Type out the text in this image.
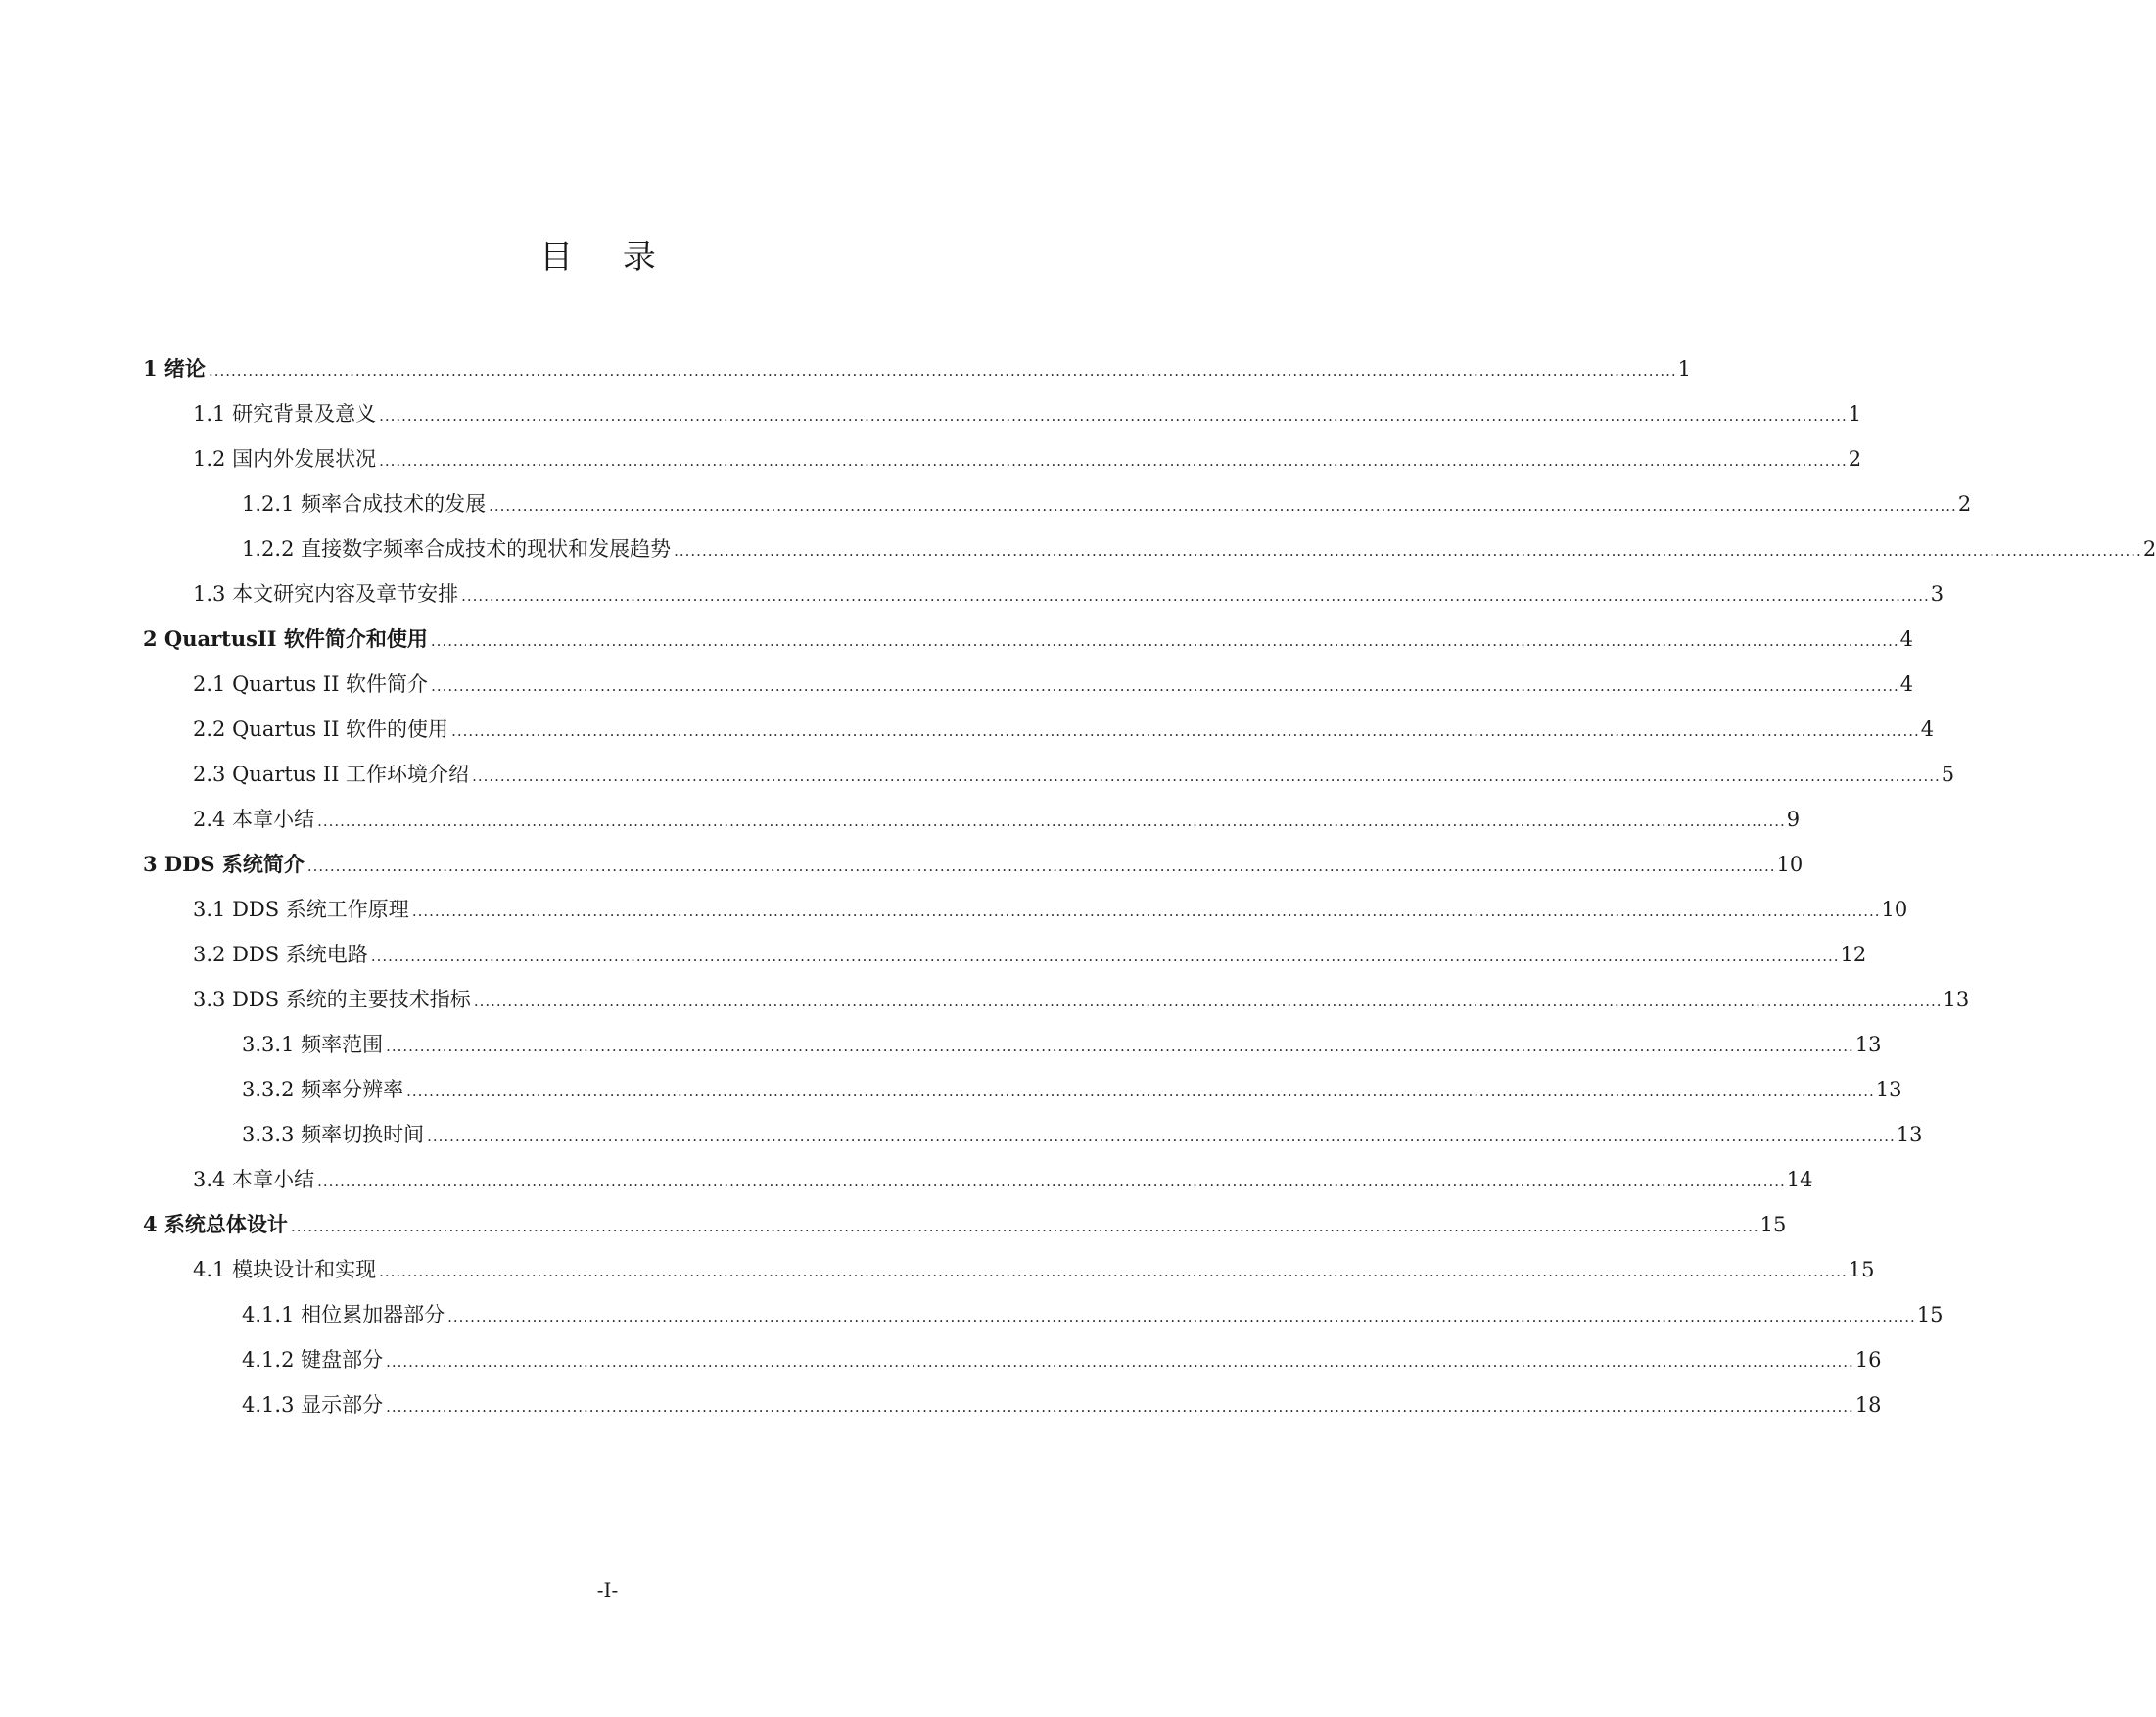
目 录
1 绪论 .................................................................................................................................................................................................................................................................... 1
1.1 研究背景及意义 .................................................................................................................................................................................................................................................................... 1
1.2 国内外发展状况 .................................................................................................................................................................................................................................................................... 2
1.2.1 频率合成技术的发展 .................................................................................................................................................................................................................................................................... 2
1.2.2 直接数字频率合成技术的现状和发展趋势 .................................................................................................................................................................................................................................................................... 2
1.3 本文研究内容及章节安排 .................................................................................................................................................................................................................................................................... 3
2 QuartusII 软件简介和使用 .................................................................................................................................................................................................................................................................... 4
2.1 Quartus II 软件简介 .................................................................................................................................................................................................................................................................... 4
2.2 Quartus II 软件的使用 .................................................................................................................................................................................................................................................................... 4
2.3 Quartus II 工作环境介绍 .................................................................................................................................................................................................................................................................... 5
2.4 本章小结 .................................................................................................................................................................................................................................................................... 9
3 DDS 系统简介 .................................................................................................................................................................................................................................................................... 10
3.1 DDS 系统工作原理 .................................................................................................................................................................................................................................................................... 10
3.2 DDS 系统电路 .................................................................................................................................................................................................................................................................... 12
3.3 DDS 系统的主要技术指标 .................................................................................................................................................................................................................................................................... 13
3.3.1 频率范围 .................................................................................................................................................................................................................................................................... 13
3.3.2 频率分辨率 .................................................................................................................................................................................................................................................................... 13
3.3.3 频率切换时间 .................................................................................................................................................................................................................................................................... 13
3.4 本章小结 .................................................................................................................................................................................................................................................................... 14
4 系统总体设计 .................................................................................................................................................................................................................................................................... 15
4.1 模块设计和实现 .................................................................................................................................................................................................................................................................... 15
4.1.1 相位累加器部分 .................................................................................................................................................................................................................................................................... 15
4.1.2 键盘部分 .................................................................................................................................................................................................................................................................... 16
4.1.3 显示部分 .................................................................................................................................................................................................................................................................... 18
-I-
